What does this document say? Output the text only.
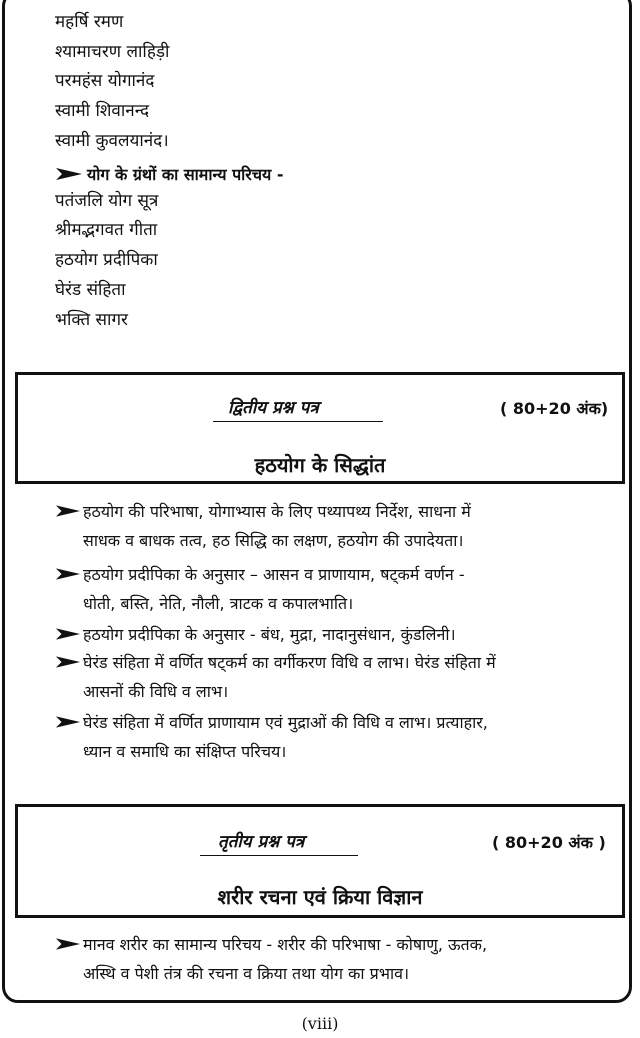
महर्षि रमण
श्यामाचरण लाहिड़ी
परमहंस योगानंद
स्वामी शिवानन्द
स्वामी कुवलयानंद।
योग के ग्रंथों का सामान्य परिचय -
पतंजलि योग सूत्र
श्रीमद्भगवत गीता
हठयोग प्रदीपिका
घेरंड संहिता
भक्ति सागर
द्वितीय प्रश्न पत्र	( 80+20 अंक)
हठयोग के सिद्धांत
हठयोग की परिभाषा, योगाभ्यास के लिए पथ्यापथ्य निर्देश, साधना में
साधक व बाधक तत्व, हठ सिद्धि का लक्षण, हठयोग की उपादेयता।
हठयोग प्रदीपिका के अनुसार – आसन व प्राणायाम, षट्कर्म वर्णन -
धोती, बस्ति, नेति, नौली, त्राटक व कपालभाति।
हठयोग प्रदीपिका के अनुसार - बंध, मुद्रा, नादानुसंधान, कुंडलिनी।
घेरंड संहिता में वर्णित षट्कर्म का वर्गीकरण विधि व लाभ। घेरंड संहिता में
आसनों की विधि व लाभ।
घेरंड संहिता में वर्णित प्राणायाम एवं मुद्राओं की विधि व लाभ। प्रत्याहार,
ध्यान व समाधि का संक्षिप्त परिचय।
तृतीय प्रश्न पत्र	( 80+20 अंक )
शरीर रचना एवं क्रिया विज्ञान
मानव शरीर का सामान्य परिचय - शरीर की परिभाषा - कोषाणु, ऊतक,
अस्थि व पेशी तंत्र की रचना व क्रिया तथा योग का प्रभाव।
(viii)
